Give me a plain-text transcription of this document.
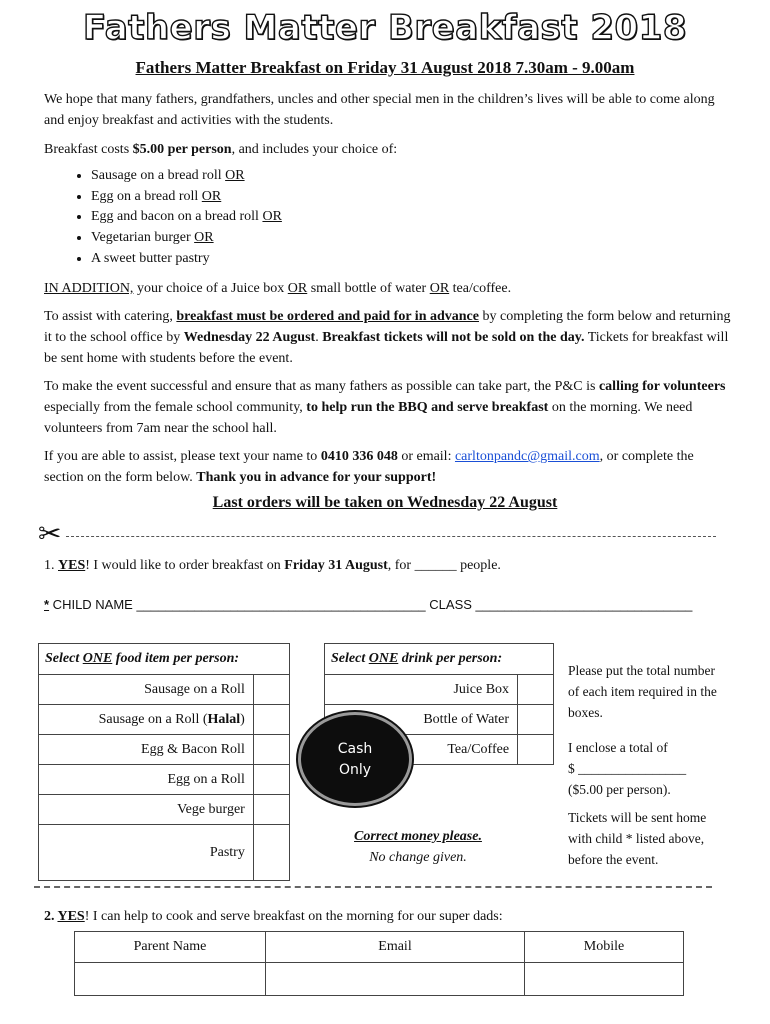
Fathers Matter Breakfast 2018
Fathers Matter Breakfast on Friday 31 August 2018 7.30am - 9.00am
We hope that many fathers, grandfathers, uncles and other special men in the children’s lives will be able to come along and enjoy breakfast and activities with the students.
Breakfast costs $5.00 per person, and includes your choice of:
• Sausage on a bread roll OR
• Egg on a bread roll OR
• Egg and bacon on a bread roll OR
• Vegetarian burger OR
• A sweet butter pastry
IN ADDITION, your choice of a Juice box OR small bottle of water OR tea/coffee.
To assist with catering, breakfast must be ordered and paid for in advance by completing the form below and returning it to the school office by Wednesday 22 August. Breakfast tickets will not be sold on the day. Tickets for breakfast will be sent home with students before the event.
To make the event successful and ensure that as many fathers as possible can take part, the P&C is calling for volunteers especially from the female school community, to help run the BBQ and serve breakfast on the morning. We need volunteers from 7am near the school hall.
If you are able to assist, please text your name to 0410 336 048 or email: carltonpandc@gmail.com, or complete the section on the form below. Thank you in advance for your support!
Last orders will be taken on Wednesday 22 August
✂
1. YES! I would like to order breakfast on Friday 31 August, for ______ people.
* CHILD NAME ________________________________________ CLASS ______________________________
Select ONE food item per person:	
Sausage on a Roll	
Sausage on a Roll (Halal)	
Egg & Bacon Roll	
Egg on a Roll	
Vege burger	
Pastry	
Select ONE drink per person:	
Juice Box	
Bottle of Water	
Tea/Coffee	
Cash
Only
Correct money please.
No change given.
Please put the total number of each item required in the boxes.
I enclose a total of
$ ________________
($5.00 per person).
Tickets will be sent home with child * listed above, before the event.
2. YES! I can help to cook and serve breakfast on the morning for our super dads:
Parent Name	Email	Mobile
